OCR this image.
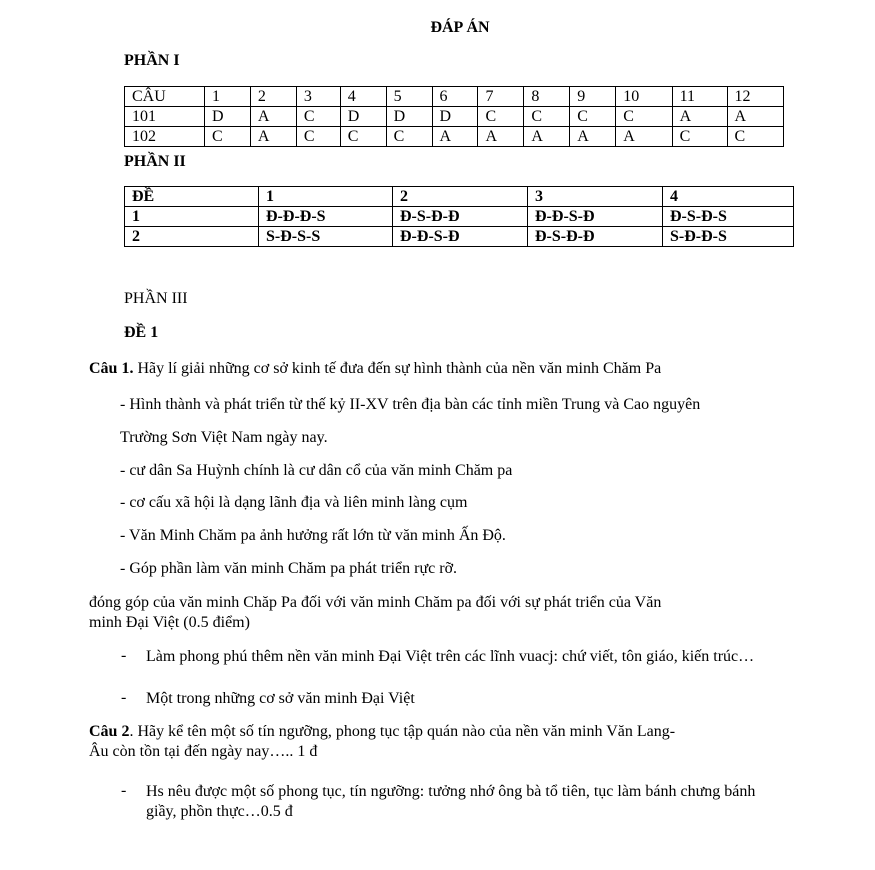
ĐÁP ÁN
PHẦN I
CÂU	1	2	3	4	5	6	7	8	9	10	11	12
101	D	A	C	D	D	D	C	C	C	C	A	A
102	C	A	C	C	C	A	A	A	A	A	C	C
PHẦN II
ĐỀ	1	2	3	4
1	Đ-Đ-Đ-S	Đ-S-Đ-Đ	Đ-Đ-S-Đ	Đ-S-Đ-S
2	S-Đ-S-S	Đ-Đ-S-Đ	Đ-S-Đ-Đ	S-Đ-Đ-S
PHẦN III
ĐỀ 1
Câu 1. Hãy lí giải những cơ sở kinh tế đưa đến sự hình thành của nền văn minh Chăm Pa
- Hình thành và phát triển từ thế kỷ II-XV trên địa bàn các tỉnh miền Trung và Cao nguyên
Trường Sơn Việt Nam ngày nay.
- cư dân Sa Huỳnh chính là cư dân cổ của văn minh Chăm pa
- cơ cấu xã hội là dạng lãnh địa và liên minh làng cụm
- Văn Minh Chăm pa ảnh hưởng rất lớn từ văn minh Ấn Độ.
- Góp phần làm văn minh Chăm pa phát triển rực rỡ.
đóng góp của văn minh Chăp Pa đối với văn minh Chăm pa đối với sự phát triển của Văn
minh Đại Việt (0.5 điểm)
- Làm phong phú thêm nền văn minh Đại Việt trên các lĩnh vuacj: chứ viết, tôn giáo, kiến trúc…
- Một trong những cơ sở văn minh Đại Việt
Câu 2. Hãy kể tên một số tín ngưỡng, phong tục tập quán nào của nền văn minh Văn Lang-
Âu còn tồn tại đến ngày nay….. 1 đ
- Hs nêu được một số phong tục, tín ngưỡng: tưởng nhớ ông bà tổ tiên, tục làm bánh chưng bánh giầy, phồn thực…0.5 đ
